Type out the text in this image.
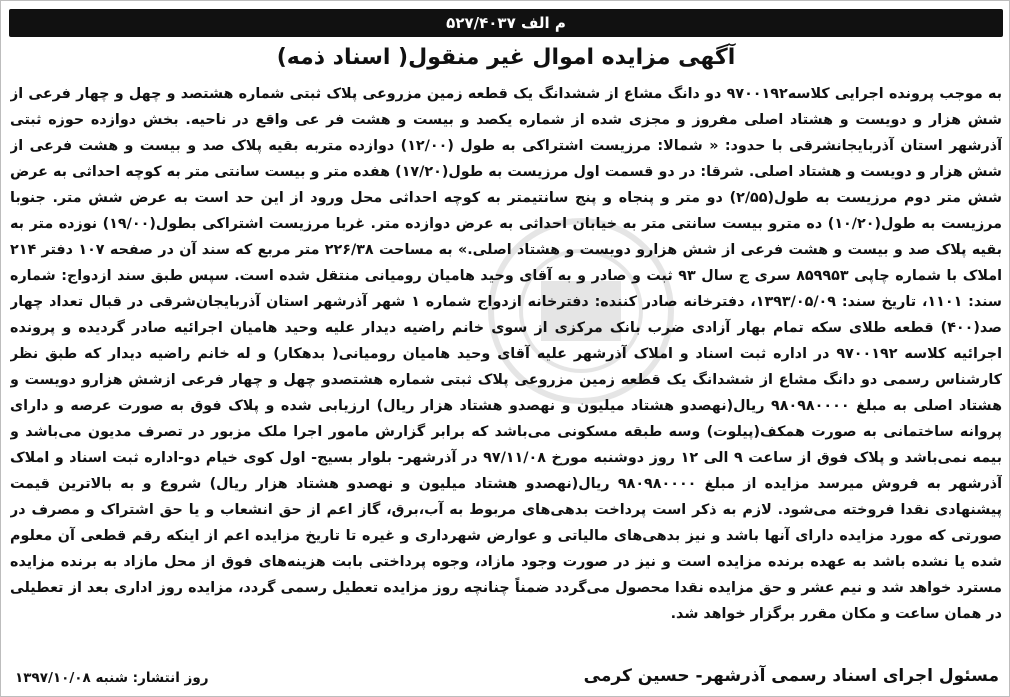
م الف ۵۲۷/۴۰۳۷
آگهی مزایده اموال غیر منقول( اسناد ذمه)
به موجب پرونده اجرایی کلاسه۹۷۰۰۱۹۲ دو دانگ مشاع از ششدانگ یک قطعه زمین مزروعی پلاک ثبتی شماره هشتصد و چهل و چهار فرعی از شش هزار و دویست و هشتاد اصلی مفروز و مجزی شده از شماره یکصد و بیست و هشت فر عی واقع در ناحیه. بخش دوازده حوزه ثبتی آذرشهر استان آذربایجانشرقی با حدود: « شمالا: مرزیست اشتراکی به طول (۱۲/۰۰) دوازده متربه بقیه پلاک صد و بیست و هشت فرعی از شش هزار و دویست و هشتاد اصلی. شرقا: در دو قسمت اول مرزیست به طول(۱۷/۲۰) هفده متر و بیست سانتی متر به کوچه احداثی به عرض شش متر دوم مرزیست به طول(۲/۵۵) دو متر و پنجاه و پنج سانتیمتر به کوچه احداثی محل ورود از این حد است به عرض شش متر. جنوبا مرزیست به طول(۱۰/۲۰) ده مترو بیست سانتی متر به خیابان احداثی به عرض دوازده متر. غربا مرزیست اشتراکی بطول(۱۹/۰۰) نوزده متر به بقیه پلاک صد و بیست و هشت فرعی از شش هزارو دویست و هشتاد اصلی.» به مساحت ۲۲۶/۳۸ متر مربع که سند آن در صفحه ۱۰۷ دفتر ۲۱۴ املاک با شماره چاپی ۸۵۹۹۵۳ سری ج سال ۹۳ ثبت و صادر و به آقای وحید هامیان رومیانی منتقل شده است. سپس طبق سند ازدواج: شماره سند: ۱۱۰۱، تاریخ سند: ۱۳۹۳/۰۵/۰۹، دفترخانه صادر کننده: دفترخانه ازدواج شماره ۱ شهر آذرشهر استان آذربایجان‌شرقی در قبال تعداد چهار صد(۴۰۰) قطعه طلای سکه تمام بهار آزادی ضرب بانک مرکزی از سوی خانم راضیه دیدار علیه وحید هامیان اجرائیه صادر گردیده و پرونده اجرائیه کلاسه ۹۷۰۰۱۹۲ در اداره ثبت اسناد و املاک آذرشهر علیه آقای وحید هامیان رومیانی( بدهکار) و له خانم راضیه دیدار که طبق نظر کارشناس رسمی دو دانگ مشاع از ششدانگ یک قطعه زمین مزروعی پلاک ثبتی شماره هشتصدو چهل و چهار فرعی ازشش هزارو دویست و هشتاد اصلی به مبلغ ۹۸۰۹۸۰۰۰۰ ریال(نهصدو هشتاد میلیون و نهصدو هشتاد هزار ریال) ارزیابی شده و پلاک فوق به صورت عرصه و دارای پروانه ساختمانی به صورت همکف(پیلوت) وسه طبقه مسکونی می‌باشد که برابر گزارش مامور اجرا ملک مزبور در تصرف مدیون می‌باشد و بیمه نمی‌باشد و پلاک فوق از ساعت ۹ الی ۱۲ روز دوشنبه مورخ ۹۷/۱۱/۰۸ در آذرشهر- بلوار بسیج- اول کوی خیام دو-اداره ثبت اسناد و املاک آذرشهر به فروش میرسد مزایده از مبلغ ۹۸۰۹۸۰۰۰۰ ریال(نهصدو هشتاد میلیون و نهصدو هشتاد هزار ریال) شروع و به بالاترین قیمت پیشنهادی نقدا فروخته می‌شود. لازم به ذکر است پرداخت بدهی‌های مربوط به آب،برق، گاز اعم از حق انشعاب و یا حق اشتراک و مصرف در صورتی که مورد مزایده دارای آنها باشد و نیز بدهی‌های مالیاتی و عوارض شهرداری و غیره تا تاریخ مزایده اعم از اینکه رقم قطعی آن معلوم شده یا نشده باشد به عهده برنده مزایده است و نیز در صورت وجود مازاد، وجوه پرداختی بابت هزینه‌های فوق از محل مازاد به برنده مزایده مسترد خواهد شد و نیم عشر و حق مزایده نقدا محصول می‌گردد ضمناً چنانچه روز مزایده تعطیل رسمی گردد، مزایده روز اداری بعد از تعطیلی در همان ساعت و مکان مقرر برگزار خواهد شد.
مسئول اجرای اسناد رسمی آذرشهر- حسین کرمی
روز انتشار: شنبه ۱۳۹۷/۱۰/۰۸
